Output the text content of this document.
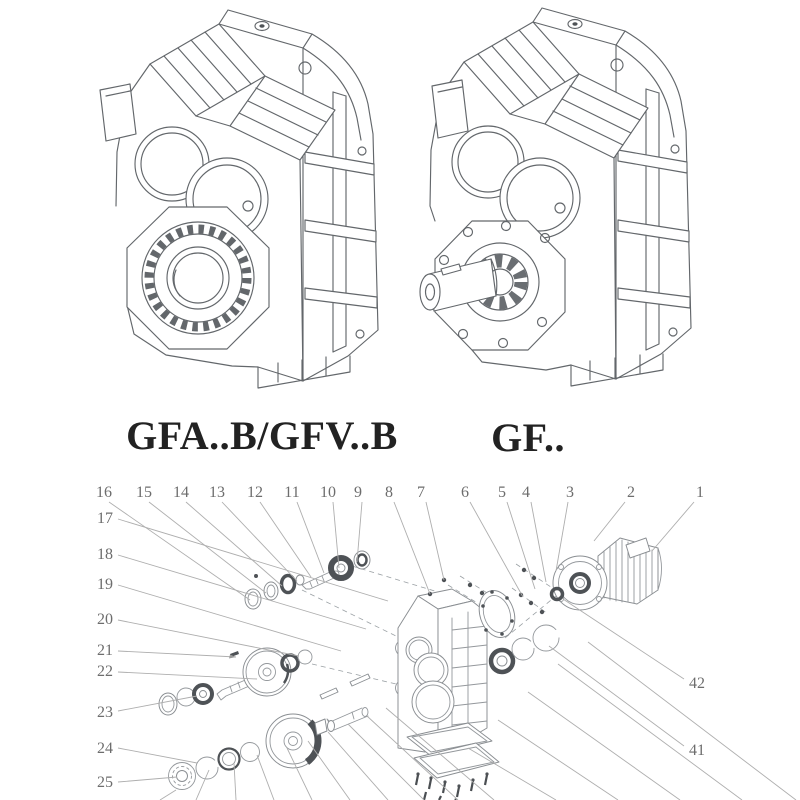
16 15 14 13 12 11 10 9 8 7 6 5 4 3	2	1
17
18
19
20
21
22
23
24
25
42
41
GFA..B/GFV..B GF..
